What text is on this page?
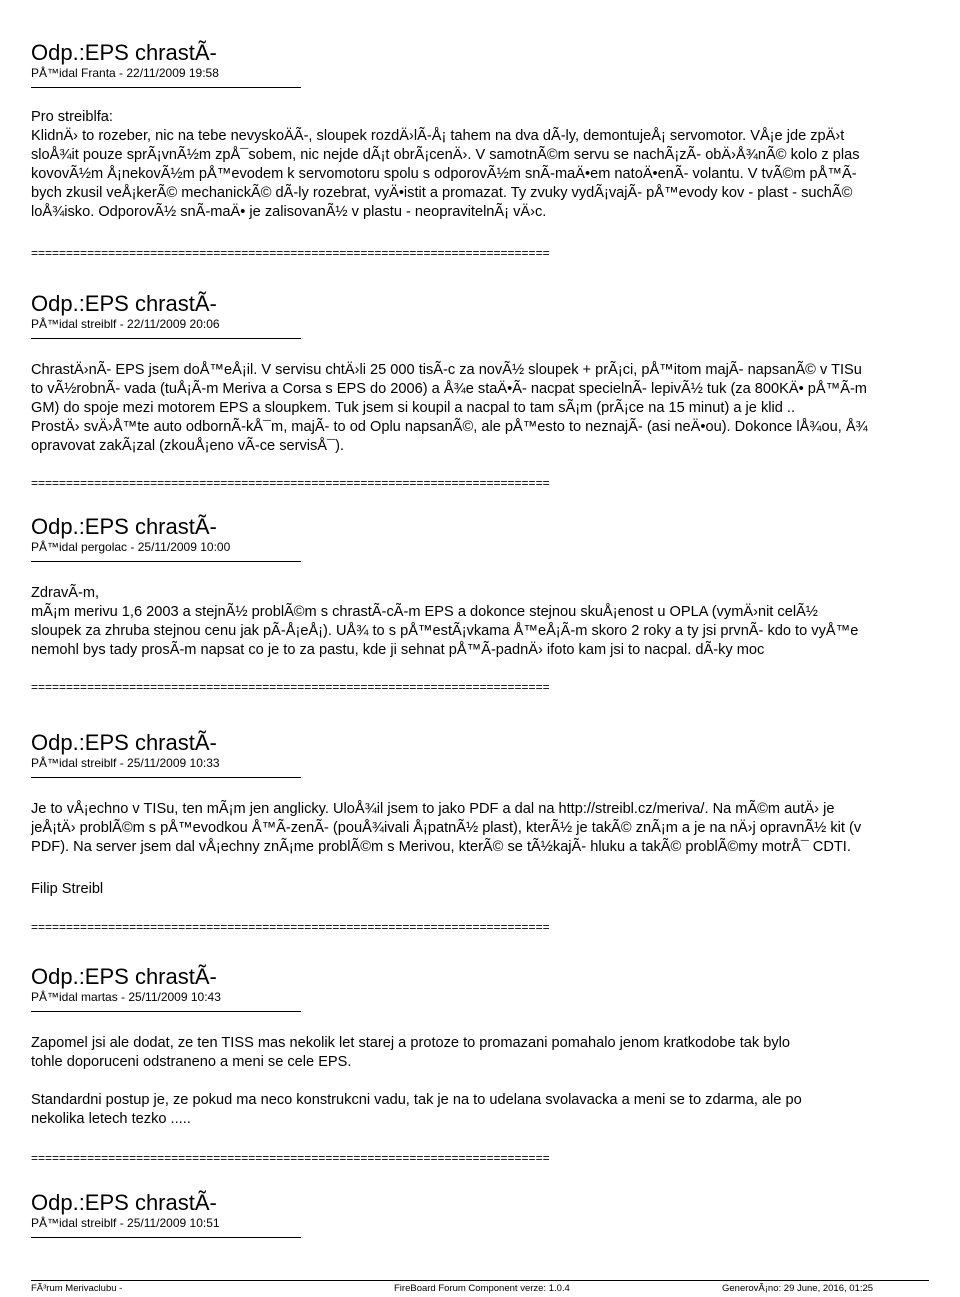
Odp.:EPS chrastÃ-
PÅ™idal Franta - 22/11/2009 19:58

Pro streiblfa:
KlidnÄ› to rozeber, nic na tebe nevyskoÄÃ-, sloupek rozdÄ›lÃ-Å¡ tahem na dva dÃ-ly, demontujeÅ¡ servomotor. VÅ¡e jde zpÄ›t
sloÅ¾it pouze sprÃ¡vnÃ½m zpÅ¯sobem, nic nejde dÃ¡t obrÃ¡cenÄ›. V samotnÃ©m servu se nachÃ¡zÃ- obÄ›Å¾nÃ© kolo z plas
kovovÃ½m Å¡nekovÃ½m pÅ™evodem k servomotoru spolu s odporovÃ½m snÃ-maÄ•em natoÄ•enÃ- volantu. V tvÃ©m pÅ™Ã-
bych zkusil veÅ¡kerÃ© mechanickÃ© dÃ-ly rozebrat, vyÄ•istit a promazat. Ty zvuky vydÃ¡vajÃ- pÅ™evody kov - plast - suchÃ©
loÅ¾isko. OdporovÃ½ snÃ-maÄ• je zalisovanÃ½ v plastu - neopravitelnÃ¡ vÄ›c.

==========================================================================
Odp.:EPS chrastÃ-
PÅ™idal streiblf - 22/11/2009 20:06

ChrastÄ›nÃ- EPS jsem doÅ™eÅ¡il. V servisu chtÄ›li 25 000 tisÃ-c za novÃ½ sloupek + prÃ¡ci, pÅ™itom majÃ- napsanÃ© v TISu
to vÃ½robnÃ- vada (tuÅ¡Ã-m Meriva a Corsa s EPS do 2006) a Å¾e staÄ•Ã- nacpat specielnÃ- lepivÃ½ tuk (za 800KÄ• pÅ™Ã-m
GM) do spoje mezi motorem EPS a sloupkem. Tuk jsem si koupil a nacpal to tam sÃ¡m (prÃ¡ce na 15 minut) a je klid ..
ProstÄ› svÄ›Å™te auto odbornÃ-kÅ¯m, majÃ- to od Oplu napsanÃ©, ale pÅ™esto to neznajÃ- (asi neÄ•ou). Dokonce lÅ¾ou, Å¾
opravovat zakÃ¡zal (zkouÅ¡eno vÃ-ce servisÅ¯).

==========================================================================
Odp.:EPS chrastÃ-
PÅ™idal pergolac - 25/11/2009 10:00

ZdravÃ-m,
mÃ¡m merivu 1,6 2003 a stejnÃ½ problÃ©m s chrastÃ-cÃ-m EPS a dokonce stejnou skuÅ¡enost u OPLA (vymÄ›nit celÃ½
sloupek za zhruba stejnou cenu jak pÃ-Å¡eÅ¡). UÅ¾ to s pÅ™estÃ¡vkama Å™eÅ¡Ã-m skoro 2 roky a ty jsi prvnÃ- kdo to vyÅ™e
nemohl bys tady prosÃ-m napsat co je to za pastu, kde ji sehnat pÅ™Ã-padnÄ› ifoto kam jsi to nacpal. dÃ-ky moc

==========================================================================
Odp.:EPS chrastÃ-
PÅ™idal streiblf - 25/11/2009 10:33

Je to vÅ¡echno v TISu, ten mÃ¡m jen anglicky. UloÅ¾il jsem to jako PDF a dal na http://streibl.cz/meriva/. Na mÃ©m autÄ› je
jeÅ¡tÄ› problÃ©m s pÅ™evodkou Å™Ã-zenÃ- (pouÅ¾ivali Å¡patnÃ½ plast), kterÃ½ je takÃ© znÃ¡m a je na nÄ›j opravnÃ½ kit (v
PDF). Na server jsem dal vÅ¡echny znÃ¡me problÃ©m s Merivou, kterÃ© se tÃ½kajÃ- hluku a takÃ© problÃ©my motrÅ¯ CDTI.

Filip Streibl

==========================================================================
Odp.:EPS chrastÃ-
PÅ™idal martas - 25/11/2009 10:43

Zapomel jsi ale dodat, ze ten TISS mas nekolik let starej a protoze to promazani pomahalo jenom kratkodobe tak bylo
tohle doporuceni odstraneno a meni se cele EPS.

Standardni postup je, ze pokud ma neco konstrukcni vadu, tak je na to udelana svolavacka a meni se to zdarma, ale po
nekolika letech tezko .....

==========================================================================
Odp.:EPS chrastÃ-
PÅ™idal streiblf - 25/11/2009 10:51
FÃ³rum Merivaclubu -	FireBoard Forum Component verze: 1.0.4	GenerovÃ¡no: 29 June, 2016, 01:25
